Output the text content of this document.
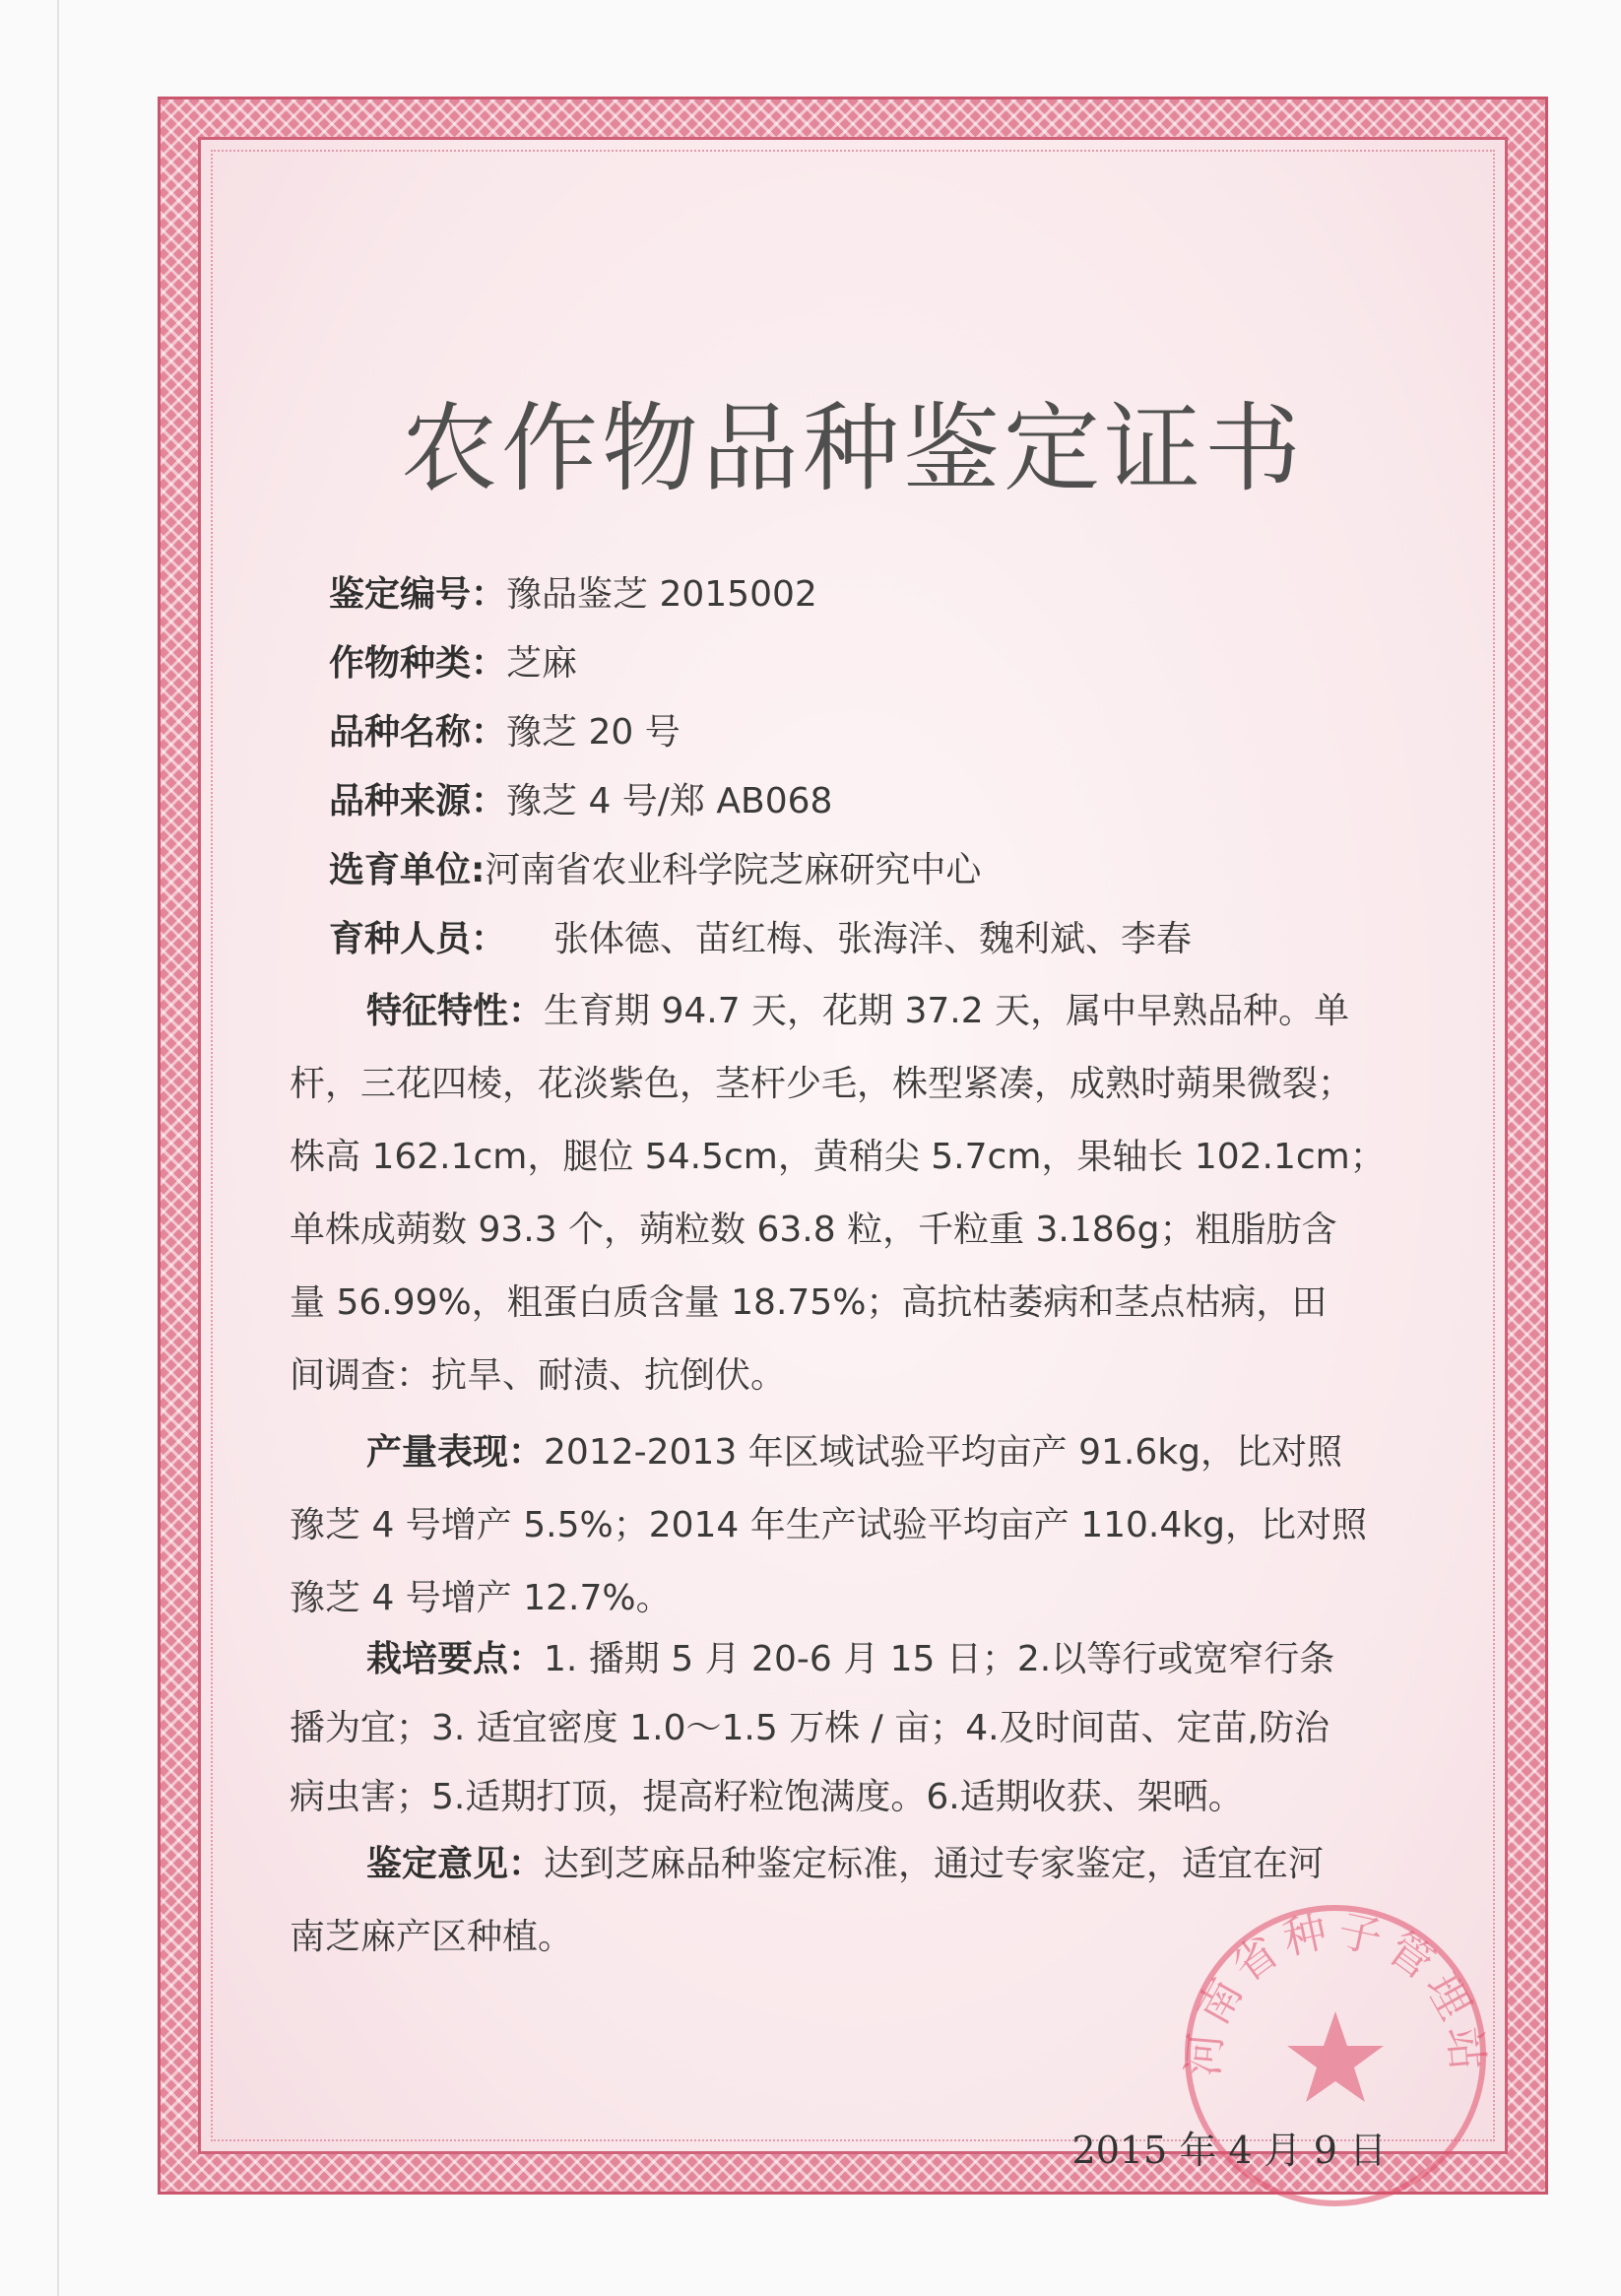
农作物品种鉴定证书
鉴定编号：豫品鉴芝 2015002
作物种类：芝麻
品种名称：豫芝 20 号
品种来源：豫芝 4 号/郑 AB068
选育单位:河南省农业科学院芝麻研究中心
育种人员： 张体德、苗红梅、张海洋、魏利斌、李春
特征特性：生育期 94.7 天，花期 37.2 天，属中早熟品种。单
杆，三花四棱，花淡紫色，茎杆少毛，株型紧凑，成熟时蒴果微裂；
株高 162.1cm，腿位 54.5cm，黄稍尖 5.7cm，果轴长 102.1cm；
单株成蒴数 93.3 个，蒴粒数 63.8 粒，千粒重 3.186g；粗脂肪含
量 56.99%，粗蛋白质含量 18.75%；高抗枯萎病和茎点枯病，田
间调查：抗旱、耐渍、抗倒伏。
产量表现：2012-2013 年区域试验平均亩产 91.6kg，比对照
豫芝 4 号增产 5.5%；2014 年生产试验平均亩产 110.4kg，比对照
豫芝 4 号增产 12.7%。
栽培要点：1. 播期 5 月 20-6 月 15 日；2.以等行或宽窄行条
播为宜；3. 适宜密度 1.0～1.5 万株 / 亩；4.及时间苗、定苗,防治
病虫害；5.适期打顶，提高籽粒饱满度。6.适期收获、架晒。
鉴定意见：达到芝麻品种鉴定标准，通过专家鉴定，适宜在河
南芝麻产区种植。
河南省种子管理站
2015 年 4 月 9 日
